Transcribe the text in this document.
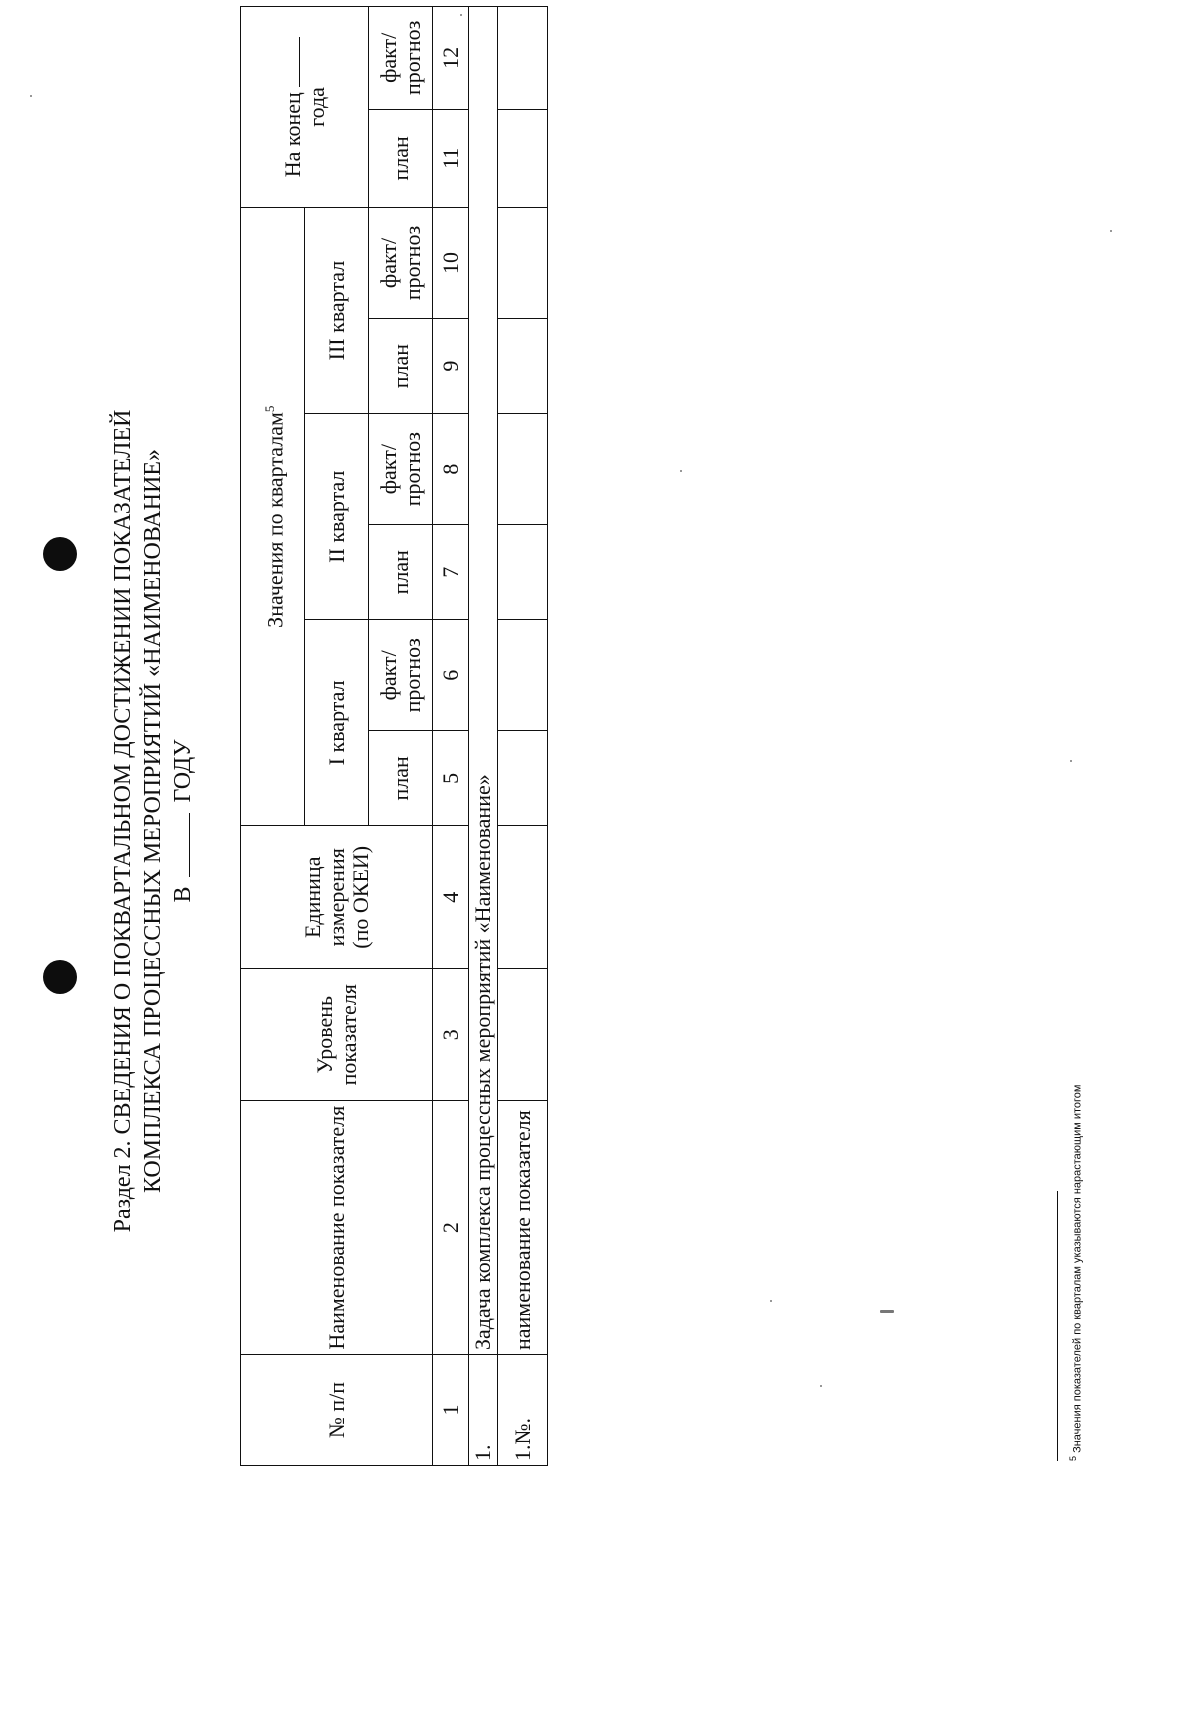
Раздел 2. СВЕДЕНИЯ О ПОКВАРТАЛЬНОМ ДОСТИЖЕНИИ ПОКАЗАТЕЛЕЙ КОМПЛЕКСА ПРОЦЕССНЫХ МЕРОПРИЯТИЙ «НАИМЕНОВАНИЕ» В  ГОДУ
№ п/п	Наименование показателя	Уровень показателя	Единица измерения (по ОКЕИ)	Значения по кварталам$^5$						На конец
года	
				I квартал		II квартал		III квартал			
				план	факт/ прогноз	план	факт/ прогноз	план	факт/ прогноз	план	факт/ прогноз
1	2	3	4	5	6	7	8	9	10	11	12
1.	Задача комплекса процессных мероприятий «Наименование»										
1.№.	наименование показателя										
$^5$ Значения показателей по кварталам указываются нарастающим итогом
